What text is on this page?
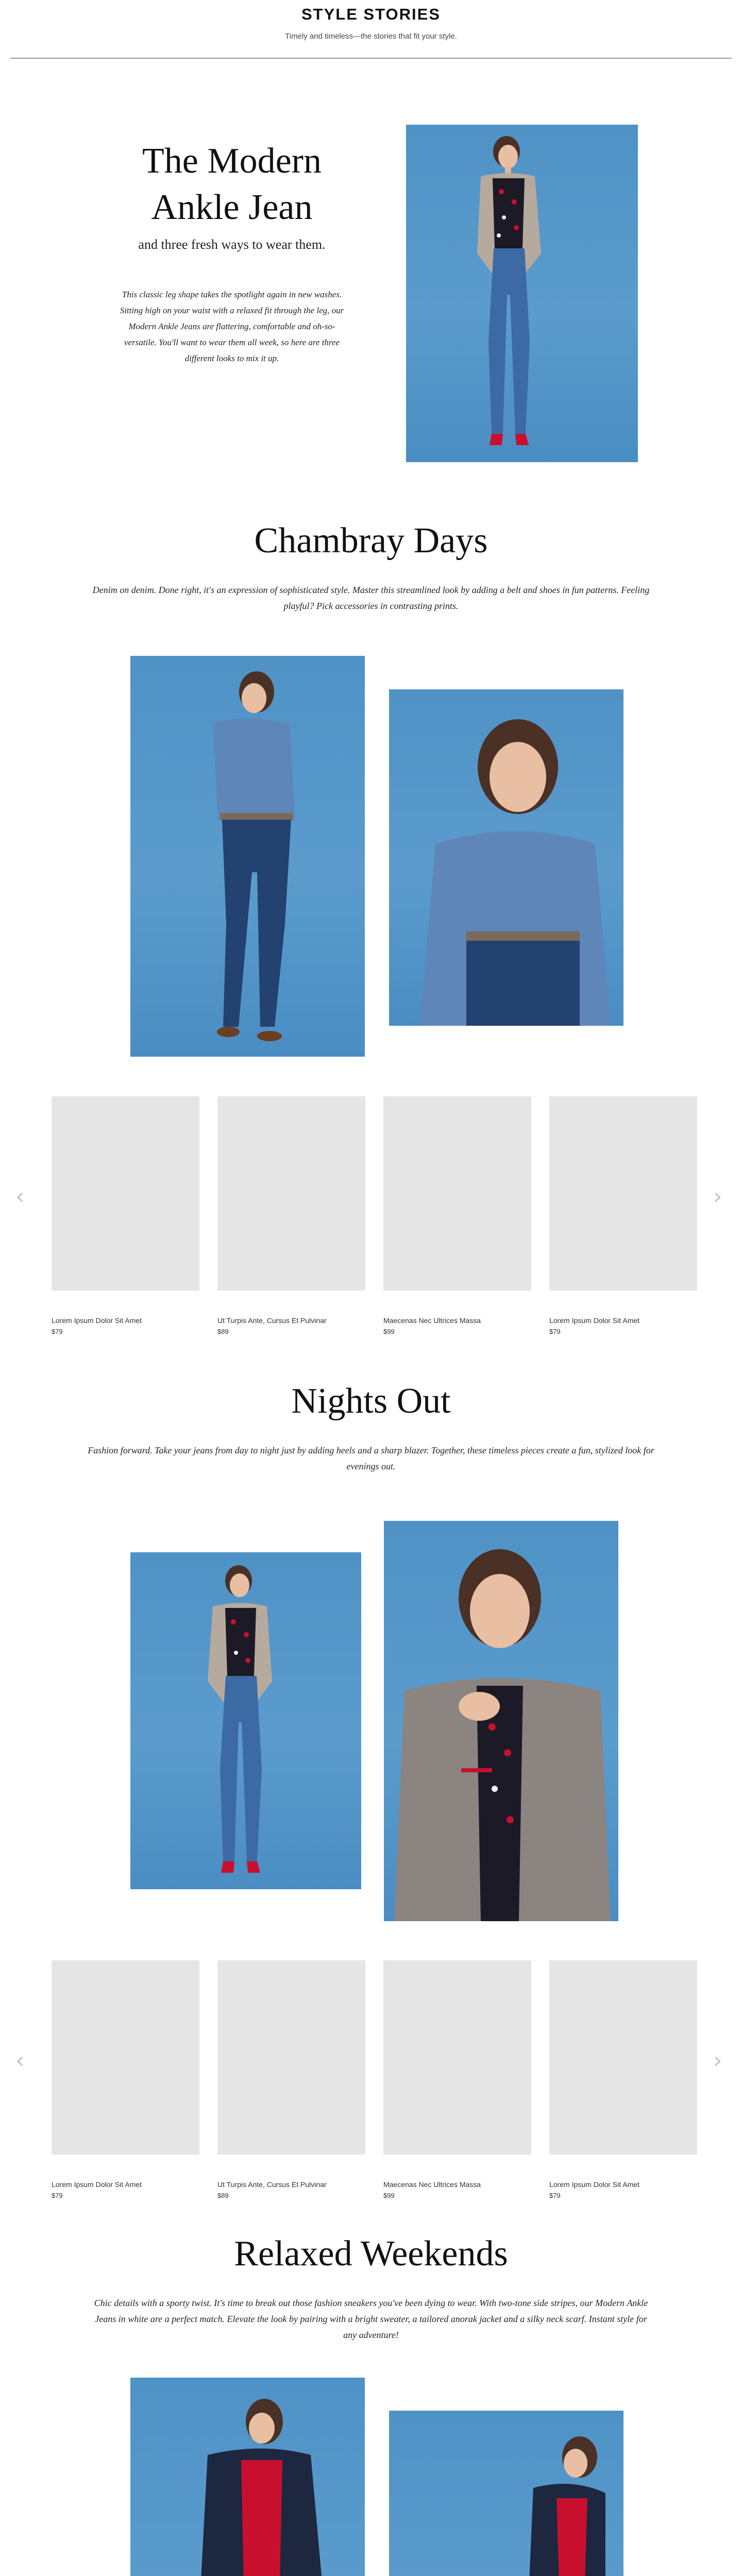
STYLE STORIES
Timely and timeless—the stories that fit your style.
The Modern Ankle Jean
and three fresh ways to wear them.
This classic leg shape takes the spotlight again in new washes. Sitting high on your waist with a relaxed fit through the leg, our Modern Ankle Jeans are flattering, comfortable and oh-so-versatile. You'll want to wear them all week, so here are three different looks to mix it up.
Chambray Days
Denim on denim. Done right, it's an expression of sophisticated style. Master this streamlined look by adding a belt and shoes in fun patterns. Feeling playful? Pick accessories in contrasting prints.
‹
Lorem Ipsum Dolor Sit Amet
$79
Ut Turpis Ante, Cursus Et Pulvinar
$89
Maecenas Nec Ultrices Massa
$99
Lorem Ipsum Dolor Sit Amet
$79
›
Nights Out
Fashion forward. Take your jeans from day to night just by adding heels and a sharp blazer. Together, these timeless pieces create a fun, stylized look for evenings out.
‹
Lorem Ipsum Dolor Sit Amet
$79
Ut Turpis Ante, Cursus Et Pulvinar
$89
Maecenas Nec Ultrices Massa
$99
Lorem Ipsum Dolor Sit Amet
$79
›
Relaxed Weekends
Chic details with a sporty twist. It's time to break out those fashion sneakers you've been dying to wear. With two-tone side stripes, our Modern Ankle Jeans in white are a perfect match. Elevate the look by pairing with a bright sweater, a tailored anorak jacket and a silky neck scarf. Instant style for any adventure!
